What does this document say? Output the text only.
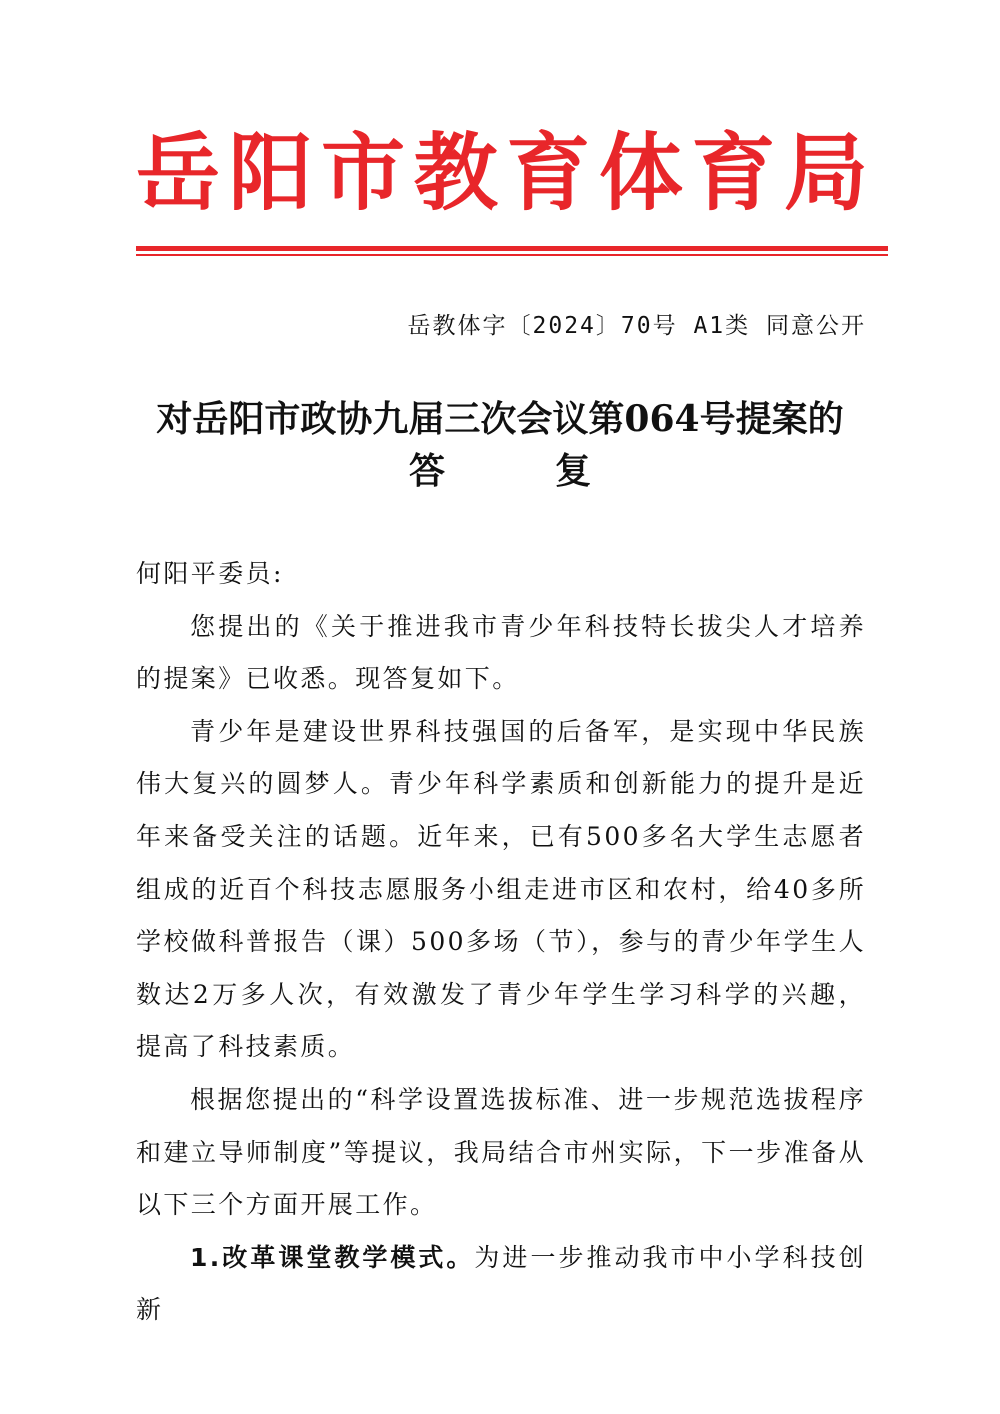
岳 阳 市 教 育 体 育 局
岳教体字〔2024〕70号 A1类 同意公开
对岳阳市政协九届三次会议第064号提案的
答复

何阳平委员:

您提出的《关于推进我市青少年科技特长拔尖人才培养的提案》已收悉。现答复如下。

青少年是建设世界科技强国的后备军，是实现中华民族伟大复兴的圆梦人。青少年科学素质和创新能力的提升是近年来备受关注的话题。近年来，已有500多名大学生志愿者组成的近百个科技志愿服务小组走进市区和农村，给40多所学校做科普报告（课）500多场（节），参与的青少年学生人数达2万多人次，有效激发了青少年学生学习科学的兴趣，提高了科技素质。

根据您提出的“科学设置选拔标准、进一步规范选拔程序和建立导师制度”等提议，我局结合市州实际，下一步准备从以下三个方面开展工作。

1.改革课堂教学模式。为进一步推动我市中小学科技创新
